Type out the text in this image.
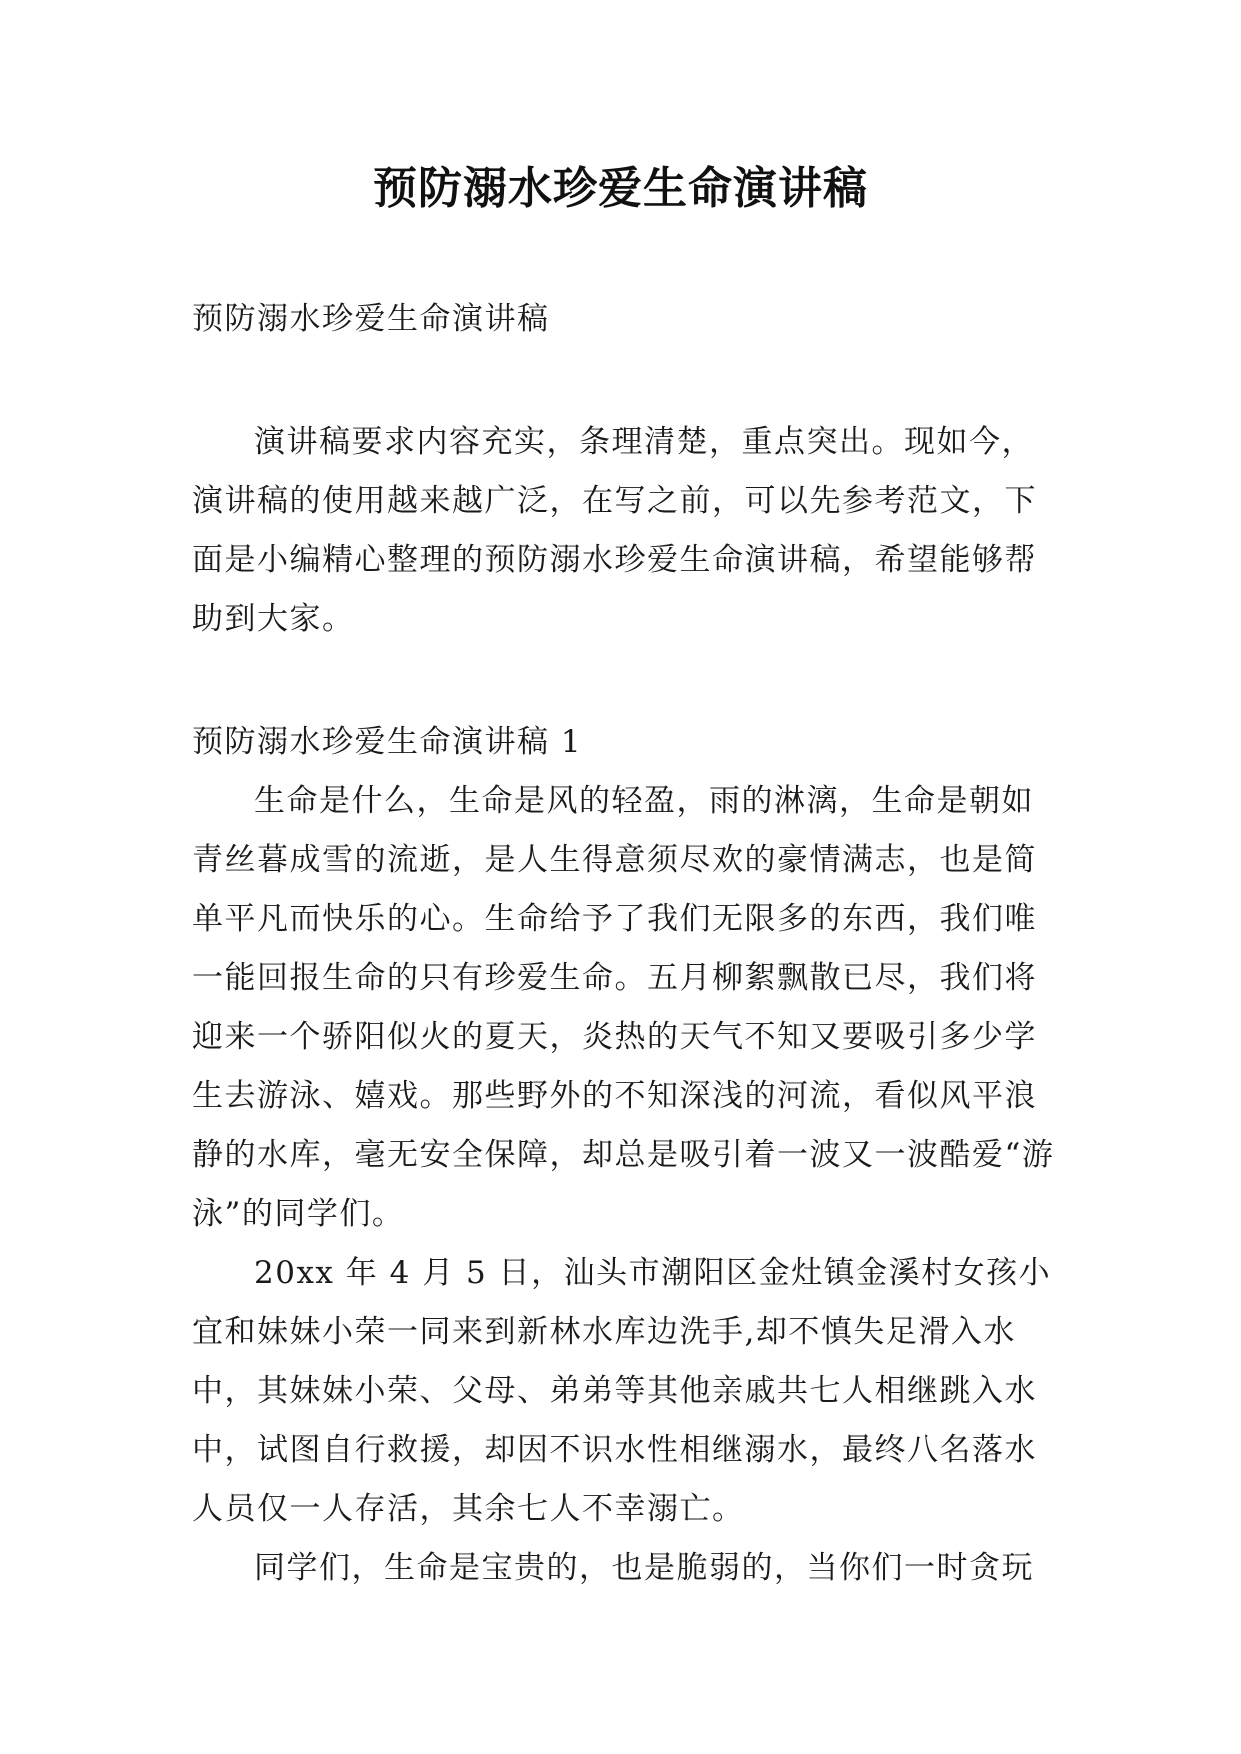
预防溺水珍爱生命演讲稿

预防溺水珍爱生命演讲稿

演讲稿要求内容充实，条理清楚，重点突出。现如今，演讲稿的使用越来越广泛，在写之前，可以先参考范文，下面是小编精心整理的预防溺水珍爱生命演讲稿，希望能够帮助到大家。

预防溺水珍爱生命演讲稿 1

生命是什么，生命是风的轻盈，雨的淋漓，生命是朝如青丝暮成雪的流逝，是人生得意须尽欢的豪情满志，也是简单平凡而快乐的心。生命给予了我们无限多的东西，我们唯一能回报生命的只有珍爱生命。五月柳絮飘散已尽，我们将迎来一个骄阳似火的夏天，炎热的天气不知又要吸引多少学生去游泳、嬉戏。那些野外的不知深浅的河流，看似风平浪静的水库，毫无安全保障，却总是吸引着一波又一波酷爱“游泳”的同学们。

20xx 年 4 月 5 日，汕头市潮阳区金灶镇金溪村女孩小宜和妹妹小荣一同来到新林水库边洗手,却不慎失足滑入水中，其妹妹小荣、父母、弟弟等其他亲戚共七人相继跳入水中，试图自行救援，却因不识水性相继溺水，最终八名落水人员仅一人存活，其余七人不幸溺亡。

同学们，生命是宝贵的，也是脆弱的，当你们一时贪玩
